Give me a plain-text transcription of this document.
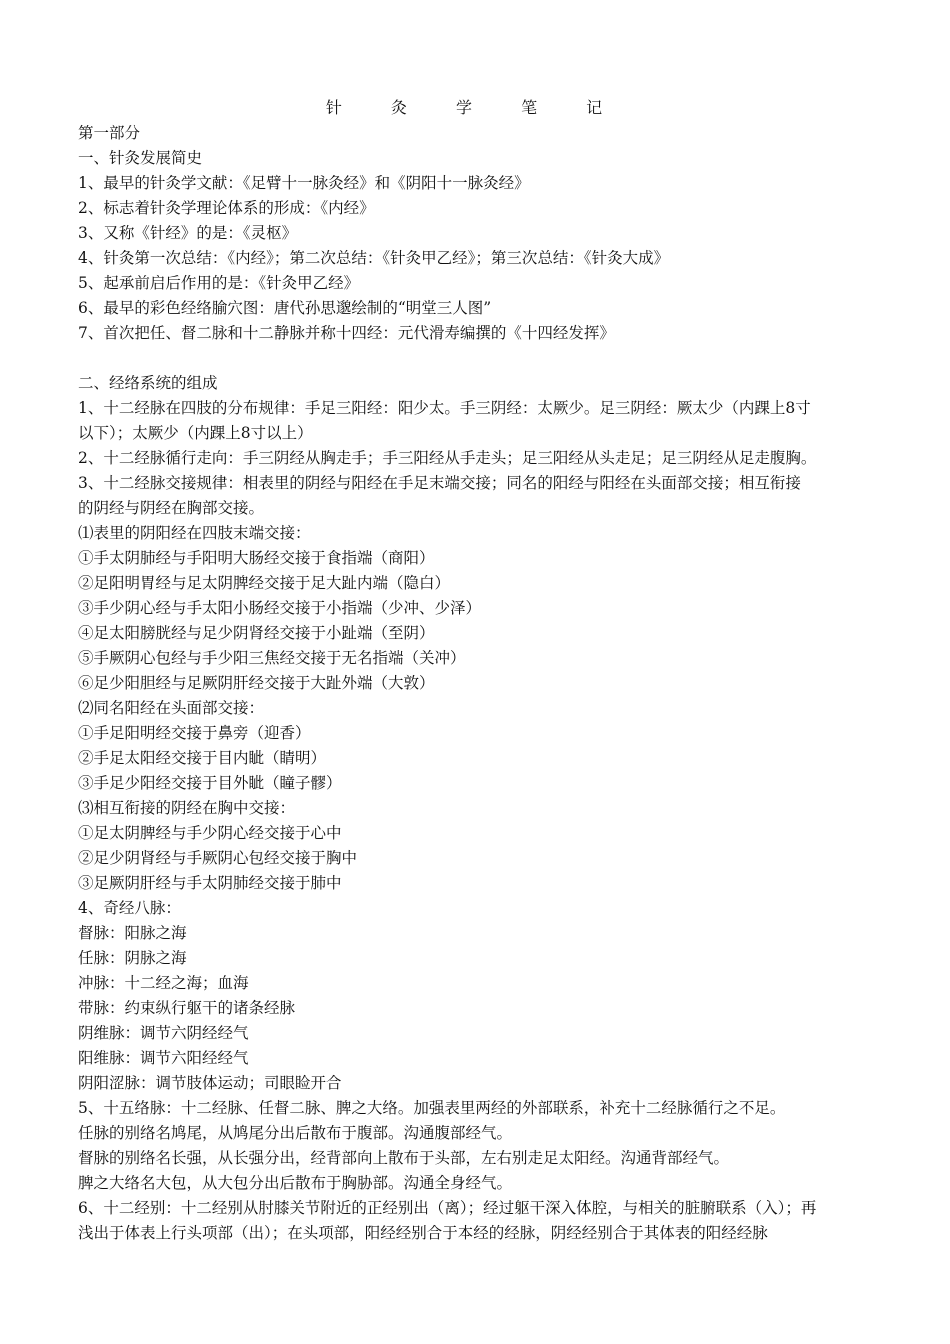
针 灸 学 笔 记
第一部分
一、针灸发展简史
1、最早的针灸学文献：《足臂十一脉灸经》和《阴阳十一脉灸经》
2、标志着针灸学理论体系的形成：《内经》
3、又称《针经》的是：《灵枢》
4、针灸第一次总结：《内经》；第二次总结：《针灸甲乙经》；第三次总结：《针灸大成》
5、起承前启后作用的是：《针灸甲乙经》
6、最早的彩色经络腧穴图：唐代孙思邈绘制的“明堂三人图”
7、首次把任、督二脉和十二静脉并称十四经：元代滑寿编撰的《十四经发挥》
二、经络系统的组成
1、十二经脉在四肢的分布规律：手足三阳经：阳少太。手三阴经：太厥少。足三阴经：厥太少（内踝上8寸
以下）；太厥少（内踝上8寸以上）
2、十二经脉循行走向：手三阴经从胸走手；手三阳经从手走头；足三阳经从头走足；足三阴经从足走腹胸。
3、十二经脉交接规律：相表里的阴经与阳经在手足末端交接；同名的阳经与阳经在头面部交接；相互衔接
的阴经与阴经在胸部交接。
⑴表里的阴阳经在四肢末端交接：
①手太阴肺经与手阳明大肠经交接于食指端（商阳）
②足阳明胃经与足太阴脾经交接于足大趾内端（隐白）
③手少阴心经与手太阳小肠经交接于小指端（少冲、少泽）
④足太阳膀胱经与足少阴肾经交接于小趾端（至阴）
⑤手厥阴心包经与手少阳三焦经交接于无名指端（关冲）
⑥足少阳胆经与足厥阴肝经交接于大趾外端（大敦）
⑵同名阳经在头面部交接：
①手足阳明经交接于鼻旁（迎香）
②手足太阳经交接于目内眦（睛明）
③手足少阳经交接于目外眦（瞳子髎）
⑶相互衔接的阴经在胸中交接：
①足太阴脾经与手少阴心经交接于心中
②足少阴肾经与手厥阴心包经交接于胸中
③足厥阴肝经与手太阴肺经交接于肺中
4、奇经八脉：
督脉：阳脉之海
任脉：阴脉之海
冲脉：十二经之海；血海
带脉：约束纵行躯干的诸条经脉
阴维脉：调节六阴经经气
阳维脉：调节六阳经经气
阴阳涩脉：调节肢体运动；司眼睑开合
5、十五络脉：十二经脉、任督二脉、脾之大络。加强表里两经的外部联系，补充十二经脉循行之不足。
任脉的别络名鸠尾，从鸠尾分出后散布于腹部。沟通腹部经气。
督脉的别络名长强，从长强分出，经背部向上散布于头部，左右别走足太阳经。沟通背部经气。
脾之大络名大包，从大包分出后散布于胸胁部。沟通全身经气。
6、十二经别：十二经别从肘膝关节附近的正经别出（离）；经过躯干深入体腔，与相关的脏腑联系（入）；再
浅出于体表上行头项部（出）；在头项部，阳经经别合于本经的经脉，阴经经别合于其体表的阳经经脉
